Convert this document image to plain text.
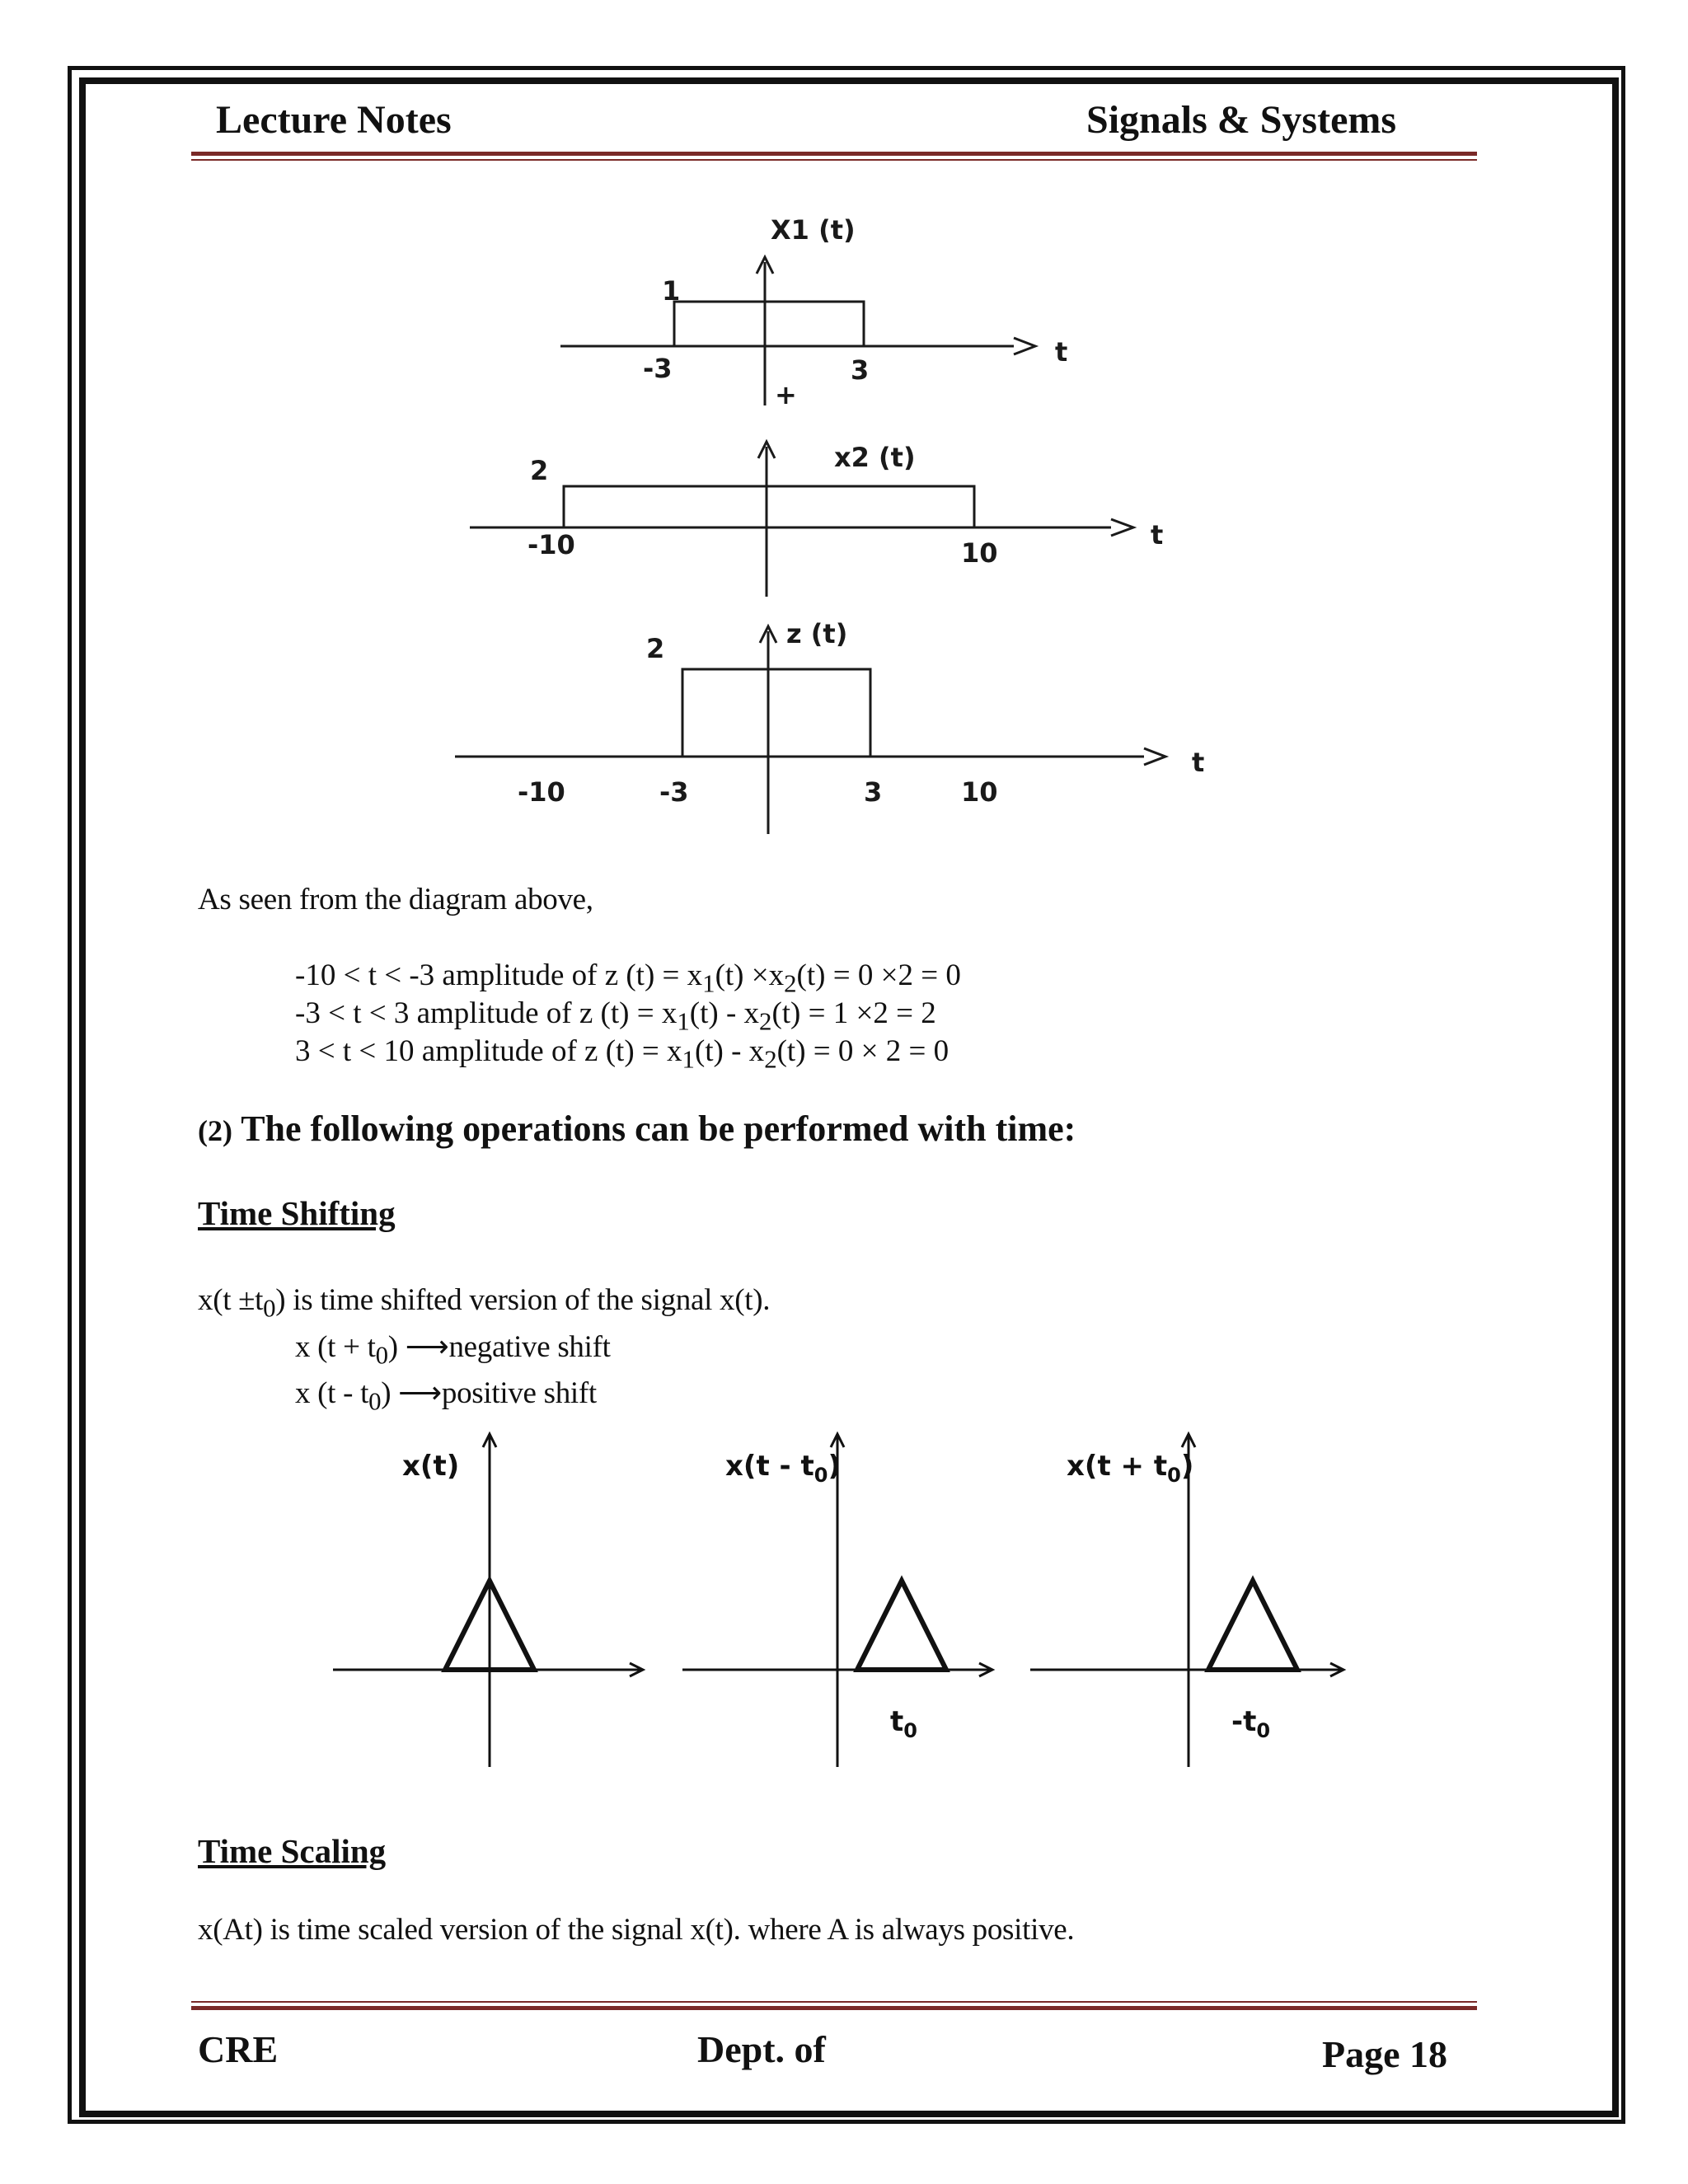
Lecture Notes	Signals & Systems
X1 (t)
1
-3	3
t
+
x2 (t)
2
-10	10
t
z (t)
2
-10	-3	3	10
t
As seen from the diagram above,
-10 < t < -3 amplitude of z $(t) = x_1(t) \times x_2(t) = 0 \times 2 = 0$
-3 < t < 3 amplitude of z $(t) = x_1(t) - x_2(t) = 1 \times 2 = 2$
3 < t < 10 amplitude of z $(t) = x_1(t) - x_2(t) = 0 \times 2 = 0$
(2) The following operations can be performed with time:
Time Shifting
$x(t \pm t_0)$ is time shifted version of the signal x(t).
x $(t + t_0)$ ⟶negative shift
x $(t - t_0)$ ⟶positive shift
x(t)	$x(t - t_0)$
$t_0$
$x(t + t_0)$
$-t_0$
Time Scaling
x(At) is time scaled version of the signal x(t). where A is always positive.
CRE	Dept. of	Page 18
